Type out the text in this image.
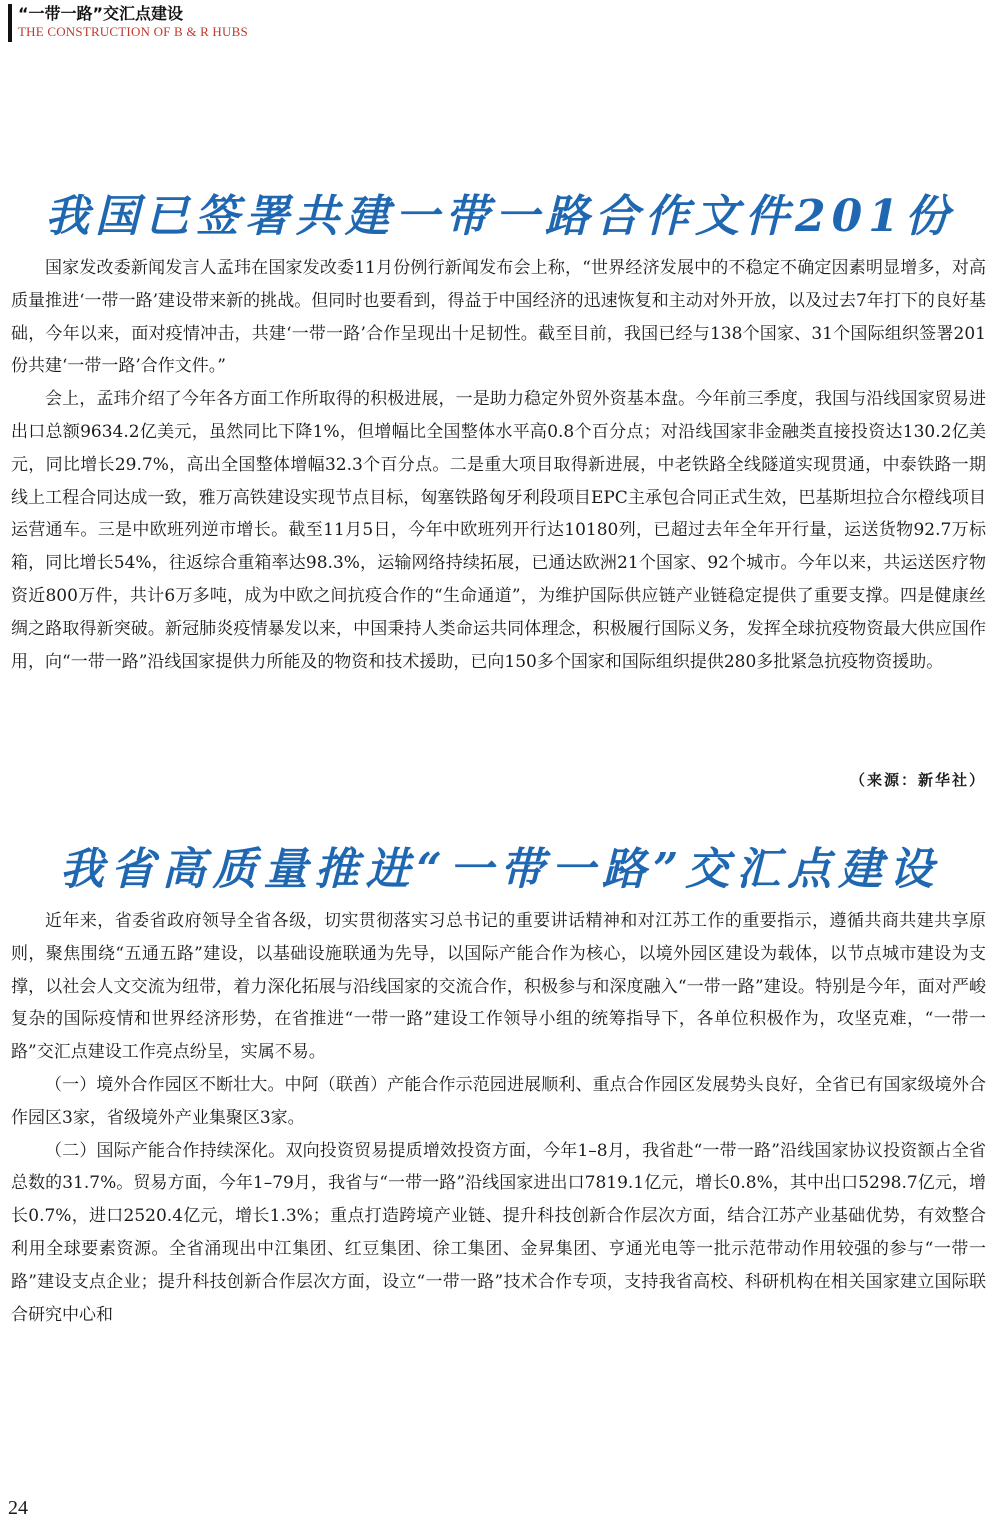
“一带一路”交汇点建设
THE CONSTRUCTION OF B & R HUBS
我国已签署共建一带一路合作文件201份

国家发改委新闻发言人孟玮在国家发改委11月份例行新闻发布会上称，“世界经济发展中的不稳定不确定因素明显增多，对高质量推进‘一带一路’建设带来新的挑战。但同时也要看到，得益于中国经济的迅速恢复和主动对外开放，以及过去7年打下的良好基础，今年以来，面对疫情冲击，共建‘一带一路’合作呈现出十足韧性。截至目前，我国已经与138个国家、31个国际组织签署201份共建‘一带一路’合作文件。”

会上，孟玮介绍了今年各方面工作所取得的积极进展，一是助力稳定外贸外资基本盘。今年前三季度，我国与沿线国家贸易进出口总额9634.2亿美元，虽然同比下降1%，但增幅比全国整体水平高0.8个百分点；对沿线国家非金融类直接投资达130.2亿美元，同比增长29.7%，高出全国整体增幅32.3个百分点。二是重大项目取得新进展，中老铁路全线隧道实现贯通，中泰铁路一期线上工程合同达成一致，雅万高铁建设实现节点目标，匈塞铁路匈牙利段项目EPC主承包合同正式生效，巴基斯坦拉合尔橙线项目运营通车。三是中欧班列逆市增长。截至11月5日，今年中欧班列开行达10180列，已超过去年全年开行量，运送货物92.7万标箱，同比增长54%，往返综合重箱率达98.3%，运输网络持续拓展，已通达欧洲21个国家、92个城市。今年以来，共运送医疗物资近800万件，共计6万多吨，成为中欧之间抗疫合作的“生命通道”，为维护国际供应链产业链稳定提供了重要支撑。四是健康丝绸之路取得新突破。新冠肺炎疫情暴发以来，中国秉持人类命运共同体理念，积极履行国际义务，发挥全球抗疫物资最大供应国作用，向“一带一路”沿线国家提供力所能及的物资和技术援助，已向150多个国家和国际组织提供280多批紧急抗疫物资援助。

（来源：新华社）
我省高质量推进“一带一路”交汇点建设

近年来，省委省政府领导全省各级，切实贯彻落实习总书记的重要讲话精神和对江苏工作的重要指示，遵循共商共建共享原则，聚焦围绕“五通五路”建设，以基础设施联通为先导，以国际产能合作为核心，以境外园区建设为载体，以节点城市建设为支撑，以社会人文交流为纽带，着力深化拓展与沿线国家的交流合作，积极参与和深度融入“一带一路”建设。特别是今年，面对严峻复杂的国际疫情和世界经济形势，在省推进“一带一路”建设工作领导小组的统筹指导下，各单位积极作为，攻坚克难，“一带一路”交汇点建设工作亮点纷呈，实属不易。

（一）境外合作园区不断壮大。中阿（联酋）产能合作示范园进展顺利、重点合作园区发展势头良好，全省已有国家级境外合作园区3家，省级境外产业集聚区3家。

（二）国际产能合作持续深化。双向投资贸易提质增效投资方面，今年1–8月，我省赴“一带一路”沿线国家协议投资额占全省总数的31.7%。贸易方面，今年1–79月，我省与“一带一路”沿线国家进出口7819.1亿元，增长0.8%，其中出口5298.7亿元，增长0.7%，进口2520.4亿元，增长1.3%；重点打造跨境产业链、提升科技创新合作层次方面，结合江苏产业基础优势，有效整合利用全球要素资源。全省涌现出中江集团、红豆集团、徐工集团、金昇集团、亨通光电等一批示范带动作用较强的参与“一带一路”建设支点企业；提升科技创新合作层次方面，设立“一带一路”技术合作专项，支持我省高校、科研机构在相关国家建立国际联合研究中心和

24
